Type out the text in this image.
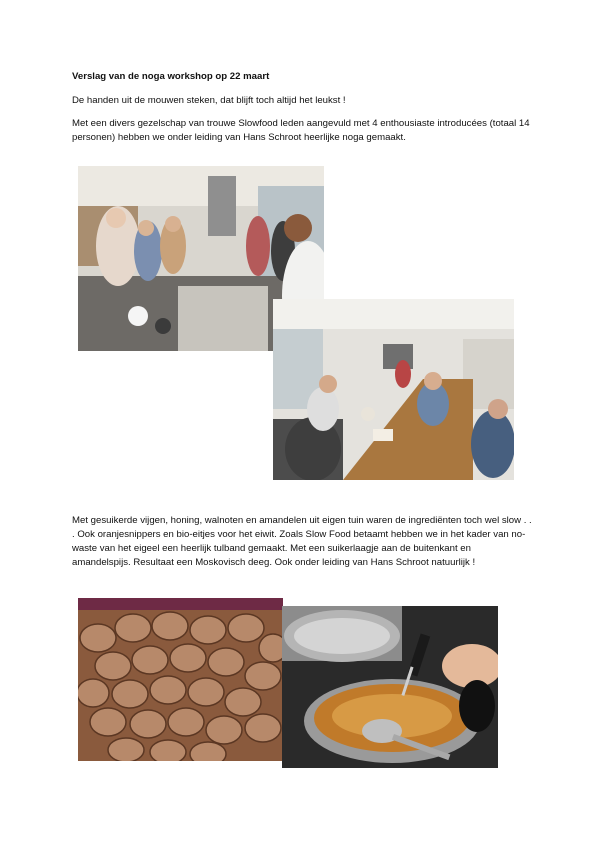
Verslag van de noga workshop op 22 maart
De handen uit de mouwen steken, dat blijft toch altijd het leukst !
Met een divers gezelschap van trouwe Slowfood leden aangevuld met 4 enthousiaste introducées (totaal 14 personen) hebben we onder leiding van Hans Schroot heerlijke noga gemaakt.
Met gesuikerde vijgen, honing, walnoten en amandelen uit eigen tuin waren de ingrediënten toch wel slow . . . Ook oranjesnippers en bio-eitjes voor het eiwit. Zoals Slow Food betaamt hebben we in het kader van no-waste van het eigeel een heerlijk tulband gemaakt. Met een suikerlaagje aan de buitenkant en amandelspijs. Resultaat een Moskovisch deeg. Ook onder leiding van Hans Schroot natuurlijk !
